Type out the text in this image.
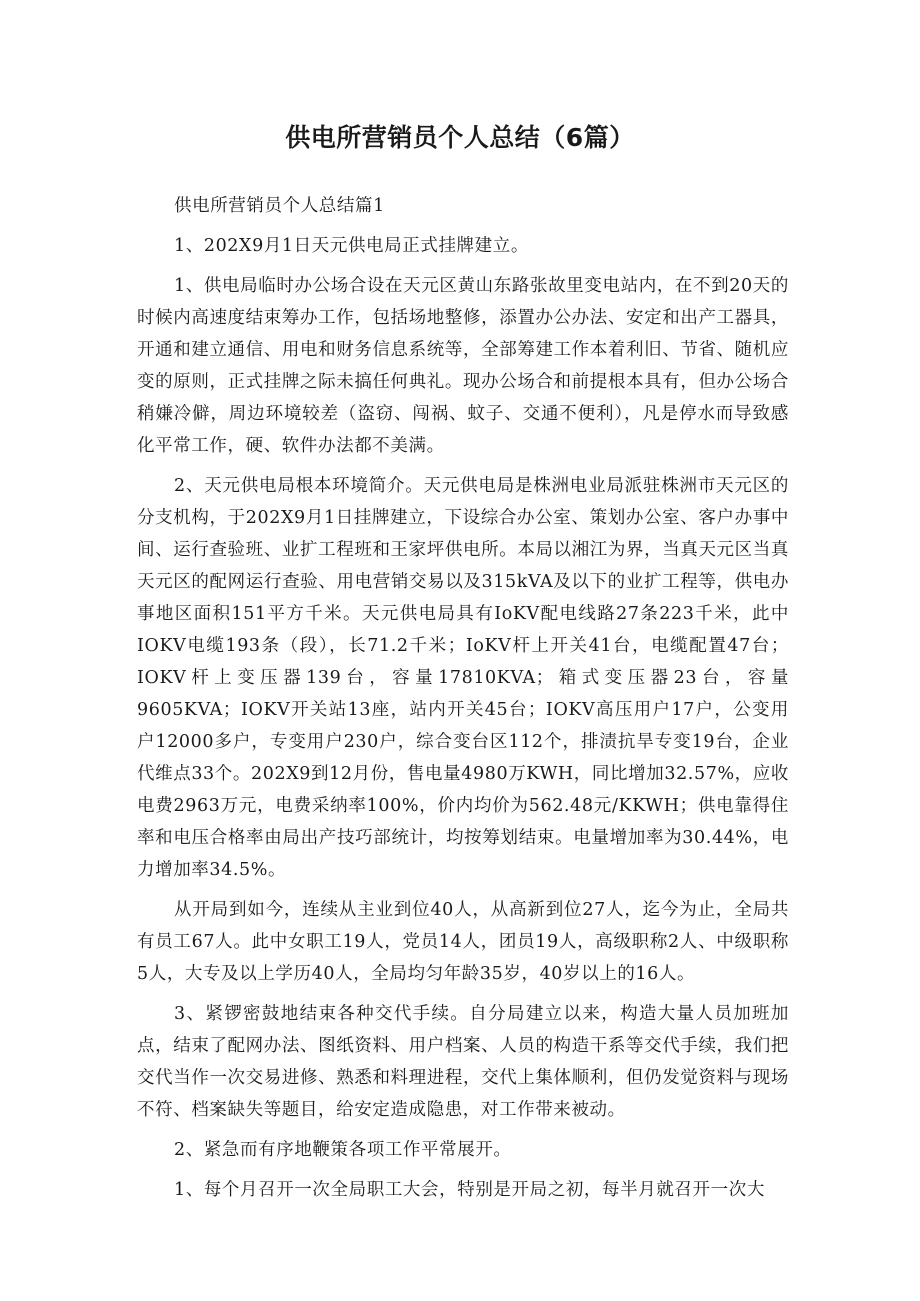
供电所营销员个人总结（6篇）

供电所营销员个人总结篇1

1、202X9月1日天元供电局正式挂牌建立。

1、供电局临时办公场合设在天元区黄山东路张故里变电站内，在不到20天的时候内高速度结束筹办工作，包括场地整修，添置办公办法、安定和出产工器具，开通和建立通信、用电和财务信息系统等，全部筹建工作本着利旧、节省、随机应变的原则，正式挂牌之际未搞任何典礼。现办公场合和前提根本具有，但办公场合稍嫌冷僻，周边环境较差（盗窃、闯祸、蚊子、交通不便利），凡是停水而导致感化平常工作，硬、软件办法都不美满。

2、天元供电局根本环境简介。天元供电局是株洲电业局派驻株洲市天元区的分支机构，于202X9月1日挂牌建立，下设综合办公室、策划办公室、客户办事中间、运行查验班、业扩工程班和王家坪供电所。本局以湘江为界，当真天元区当真天元区的配网运行查验、用电营销交易以及315kVA及以下的业扩工程等，供电办事地区面积151平方千米。天元供电局具有IoKV配电线路27条223千米，此中IOKV电缆193条（段），长71.2千米；IoKV杆上开关41台，电缆配置47台；IOKV杆上变压器139台，容量17810KVA；箱式变压器23台，容量9605KVA；IOKV开关站13座，站内开关45台；IOKV高压用户17户，公变用户12000多户，专变用户230户，综合变台区112个，排渍抗旱专变19台，企业代维点33个。202X9到12月份，售电量4980万KWH，同比增加32.57%，应收电费2963万元，电费采纳率100%，价内均价为562.48元/KKWH；供电靠得住率和电压合格率由局出产技巧部统计，均按筹划结束。电量增加率为30.44%，电力增加率34.5%。

从开局到如今，连续从主业到位40人，从高新到位27人，迄今为止，全局共有员工67人。此中女职工19人，党员14人，团员19人，高级职称2人、中级职称5人，大专及以上学历40人，全局均匀年龄35岁，40岁以上的16人。

3、紧锣密鼓地结束各种交代手续。自分局建立以来，构造大量人员加班加点，结束了配网办法、图纸资料、用户档案、人员的构造干系等交代手续，我们把交代当作一次交易进修、熟悉和料理进程，交代上集体顺利，但仍发觉资料与现场不符、档案缺失等题目，给安定造成隐患，对工作带来被动。

2、紧急而有序地鞭策各项工作平常展开。

1、每个月召开一次全局职工大会，特别是开局之初，每半月就召开一次大
